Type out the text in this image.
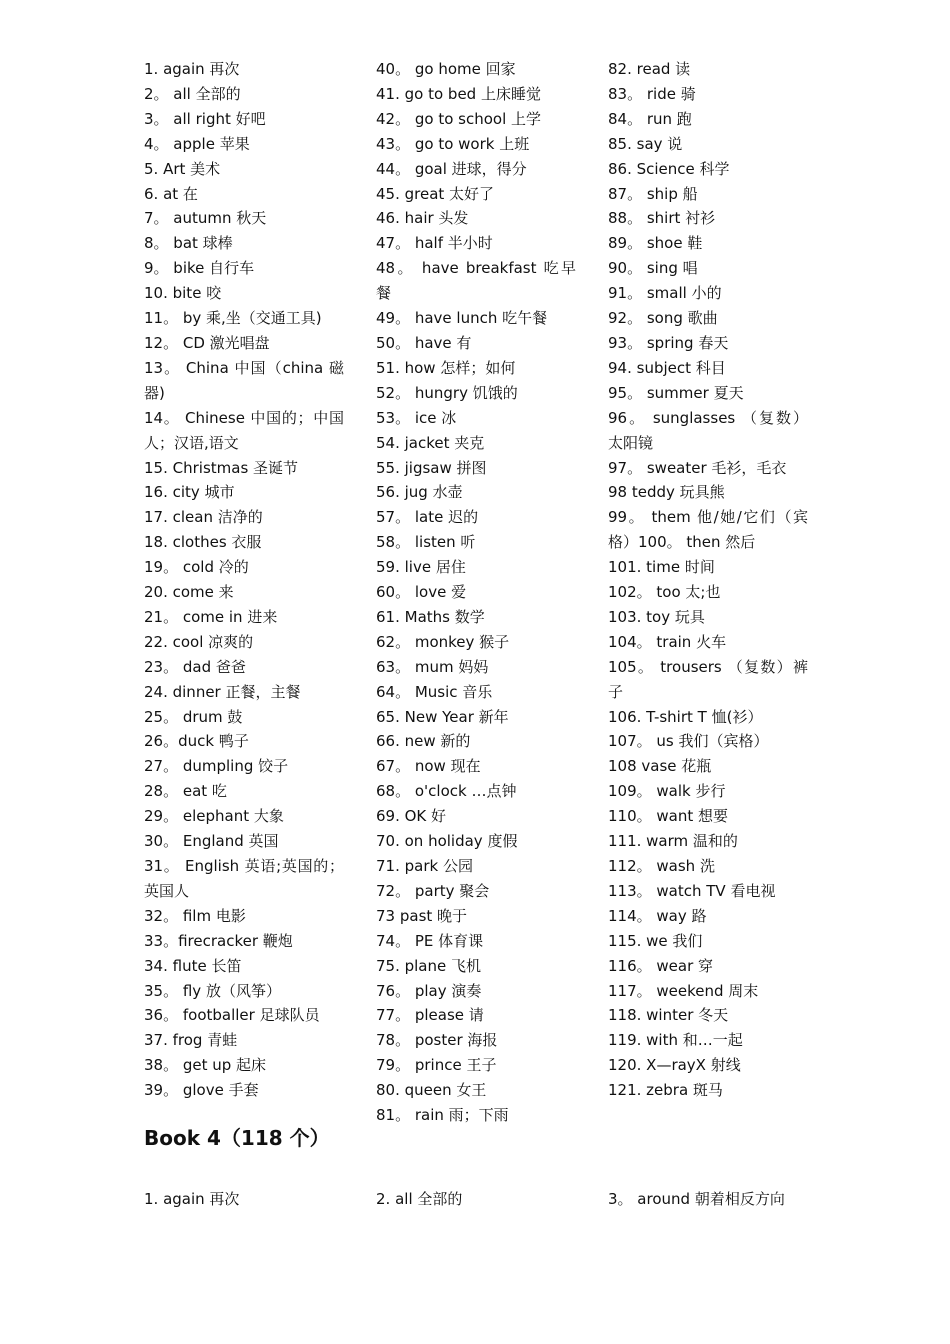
1. again 再次

2。 all 全部的

3。 all right 好吧

4。 apple 苹果

5. Art 美术

6. at 在

7。 autumn 秋天

8。 bat 球棒

9。 bike 自行车

10. bite 咬

11。 by 乘,坐（交通工具)

12。 CD 激光唱盘

13。 China 中国（china 磁器)

14。 Chinese 中国的；中国人；汉语,语文

15. Christmas 圣诞节

16. city 城市

17. clean 洁净的

18. clothes 衣服

19。 cold 冷的

20. come 来

21。 come in 进来

22. cool 凉爽的

23。 dad 爸爸

24. dinner 正餐，主餐

25。 drum 鼓

26。duck 鸭子

27。 dumpling 饺子

28。 eat 吃

29。 elephant 大象

30。 England 英国

31。 English 英语;英国的；英国人

32。 film 电影

33。firecracker 鞭炮

34. flute 长笛

35。 fly 放（风筝）

36。 footballer 足球队员

37. frog 青蛙

38。 get up 起床

39。 glove 手套

40。 go home 回家

41. go to bed 上床睡觉

42。 go to school 上学

43。 go to work 上班

44。 goal 进球，得分

45. great 太好了

46. hair 头发

47。 half 半小时

48。 have breakfast 吃早餐

49。 have lunch 吃午餐

50。 have 有

51. how 怎样；如何

52。 hungry 饥饿的

53。 ice 冰

54. jacket 夹克

55. jigsaw 拼图

56. jug 水壶

57。 late 迟的

58。 listen 听

59. live 居住

60。 love 爱

61. Maths 数学

62。 monkey 猴子

63。 mum 妈妈

64。 Music 音乐

65. New Year 新年

66. new 新的

67。 now 现在

68。 o'clock …点钟

69. OK 好

70. on holiday 度假

71. park 公园

72。 party 聚会

73 past 晚于

74。 PE 体育课

75. plane 飞机

76。 play 演奏

77。 please 请

78。 poster 海报

79。 prince 王子

80. queen 女王

81。 rain 雨；下雨

82. read 读

83。 ride 骑

84。 run 跑

85. say 说

86. Science 科学

87。 ship 船

88。 shirt 衬衫

89。 shoe 鞋

90。 sing 唱

91。 small 小的

92。 song 歌曲

93。 spring 春天

94. subject 科目

95。 summer 夏天

96。 sunglasses （复数）太阳镜

97。 sweater 毛衫，毛衣

98 teddy 玩具熊

99。 them 他/她/它们（宾格）100。 then 然后

101. time 时间

102。 too 太;也

103. toy 玩具

104。 train 火车

105。 trousers （复数）裤子

106. T-shirt T 恤(衫）

107。 us 我们（宾格）

108 vase 花瓶

109。 walk 步行

110。 want 想要

111. warm 温和的

112。 wash 洗

113。 watch TV 看电视

114。 way 路

115. we 我们

116。 wear 穿

117。 weekend 周末

118. winter 冬天

119. with 和…一起

120. X—rayX 射线

121. zebra 斑马

Book 4（118 个）
1. again 再次	2. all 全部的	3。 around 朝着相反方向
